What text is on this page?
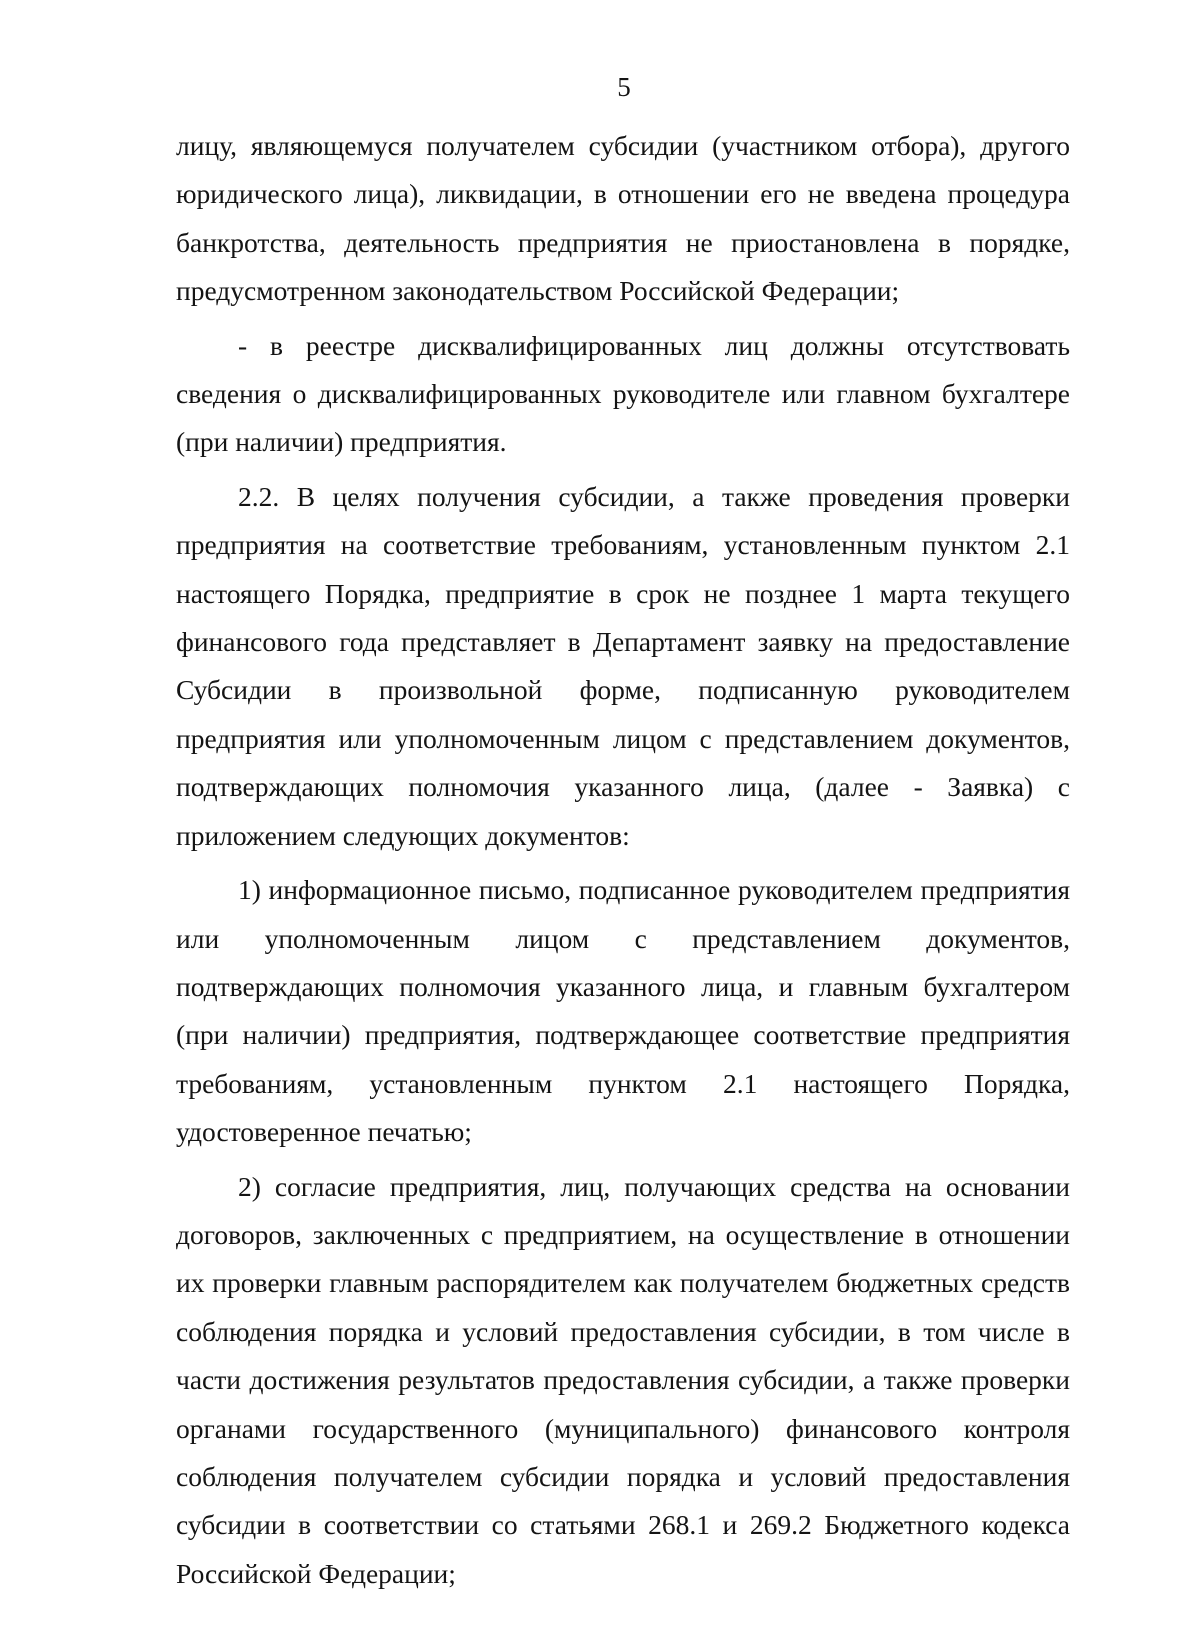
5

лицу, являющемуся получателем субсидии (участником отбора), другого юридического лица), ликвидации, в отношении его не введена процедура банкротства, деятельность предприятия не приостановлена в порядке, предусмотренном законодательством Российской Федерации;

- в реестре дисквалифицированных лиц должны отсутствовать сведения о дисквалифицированных руководителе или главном бухгалтере (при наличии) предприятия.

2.2. В целях получения субсидии, а также проведения проверки предприятия на соответствие требованиям, установленным пунктом 2.1 настоящего Порядка, предприятие в срок не позднее 1 марта текущего финансового года представляет в Департамент заявку на предоставление Субсидии в произвольной форме, подписанную руководителем предприятия или уполномоченным лицом с представлением документов, подтверждающих полномочия указанного лица, (далее - Заявка) с приложением следующих документов:

1) информационное письмо, подписанное руководителем предприятия или уполномоченным лицом с представлением документов, подтверждающих полномочия указанного лица, и главным бухгалтером (при наличии) предприятия, подтверждающее соответствие предприятия требованиям, установленным пунктом 2.1 настоящего Порядка, удостоверенное печатью;

2) согласие предприятия, лиц, получающих средства на основании договоров, заключенных с предприятием, на осуществление в отношении их проверки главным распорядителем как получателем бюджетных средств соблюдения порядка и условий предоставления субсидии, в том числе в части достижения результатов предоставления субсидии, а также проверки органами государственного (муниципального) финансового контроля соблюдения получателем субсидии порядка и условий предоставления субсидии в соответствии со статьями 268.1 и 269.2 Бюджетного кодекса Российской Федерации;
